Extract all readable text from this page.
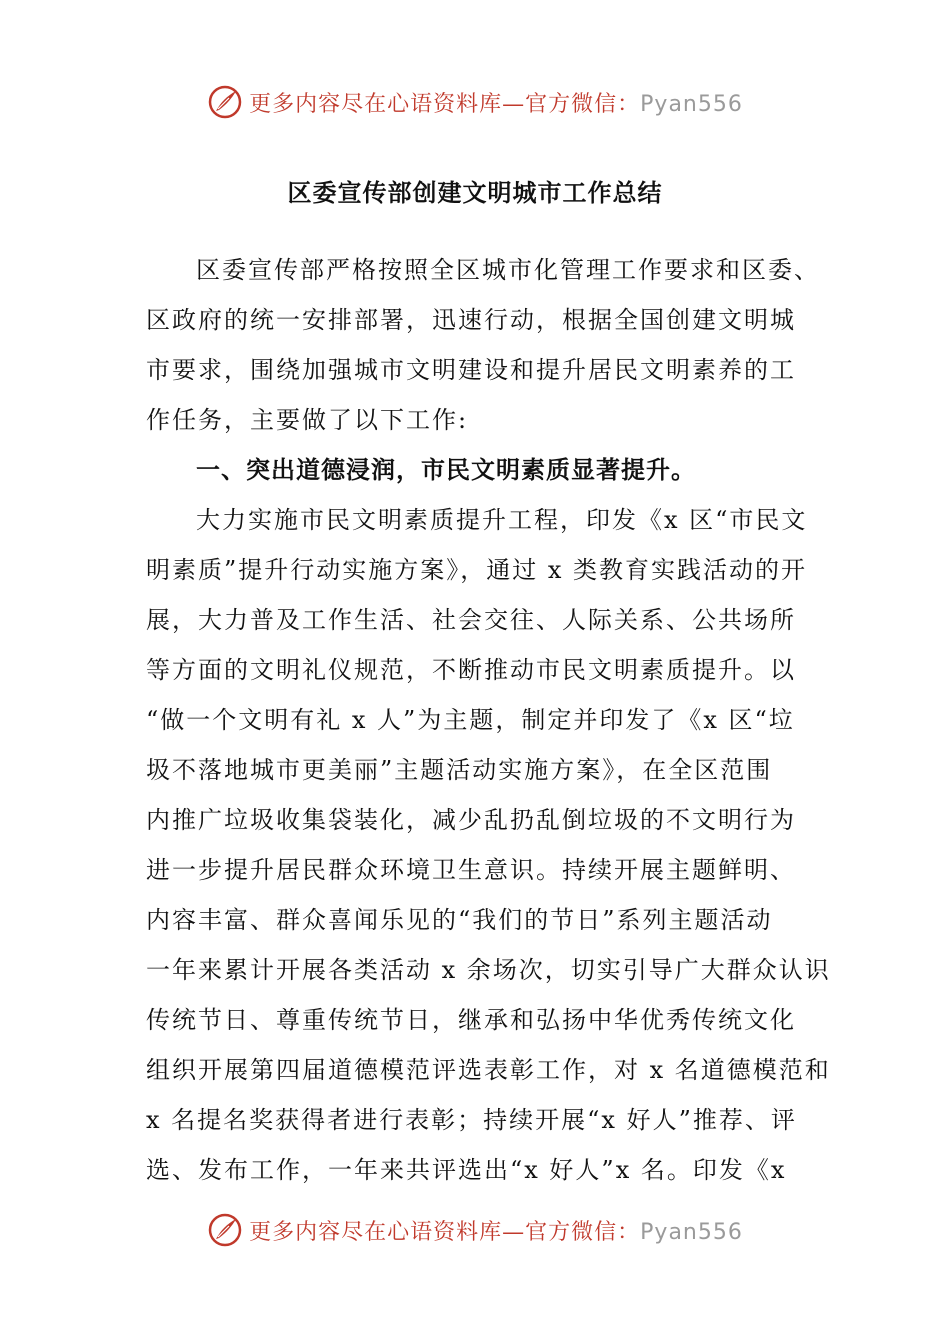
更多内容尽在心语资料库—官方微信：Pyan556
区委宣传部创建文明城市工作总结
区委宣传部严格按照全区城市化管理工作要求和区委、
区政府的统一安排部署，迅速行动，根据全国创建文明城
市要求，围绕加强城市文明建设和提升居民文明素养的工
作任务，主要做了以下工作:
一、突出道德浸润，市民文明素质显著提升。
大力实施市民文明素质提升工程，印发《x 区“市民文
明素质”提升行动实施方案》，通过 x 类教育实践活动的开
展，大力普及工作生活、社会交往、人际关系、公共场所
等方面的文明礼仪规范，不断推动市民文明素质提升。以
“做一个文明有礼 x 人”为主题，制定并印发了《x 区“垃
圾不落地城市更美丽”主题活动实施方案》，在全区范围
内推广垃圾收集袋装化，减少乱扔乱倒垃圾的不文明行为
进一步提升居民群众环境卫生意识。持续开展主题鲜明、
内容丰富、群众喜闻乐见的“我们的节日”系列主题活动
一年来累计开展各类活动 x 余场次，切实引导广大群众认识
传统节日、尊重传统节日，继承和弘扬中华优秀传统文化
组织开展第四届道德模范评选表彰工作，对 x 名道德模范和
x 名提名奖获得者进行表彰；持续开展“x 好人”推荐、评
选、发布工作，一年来共评选出“x 好人”x 名。印发《x
更多内容尽在心语资料库—官方微信：Pyan556
